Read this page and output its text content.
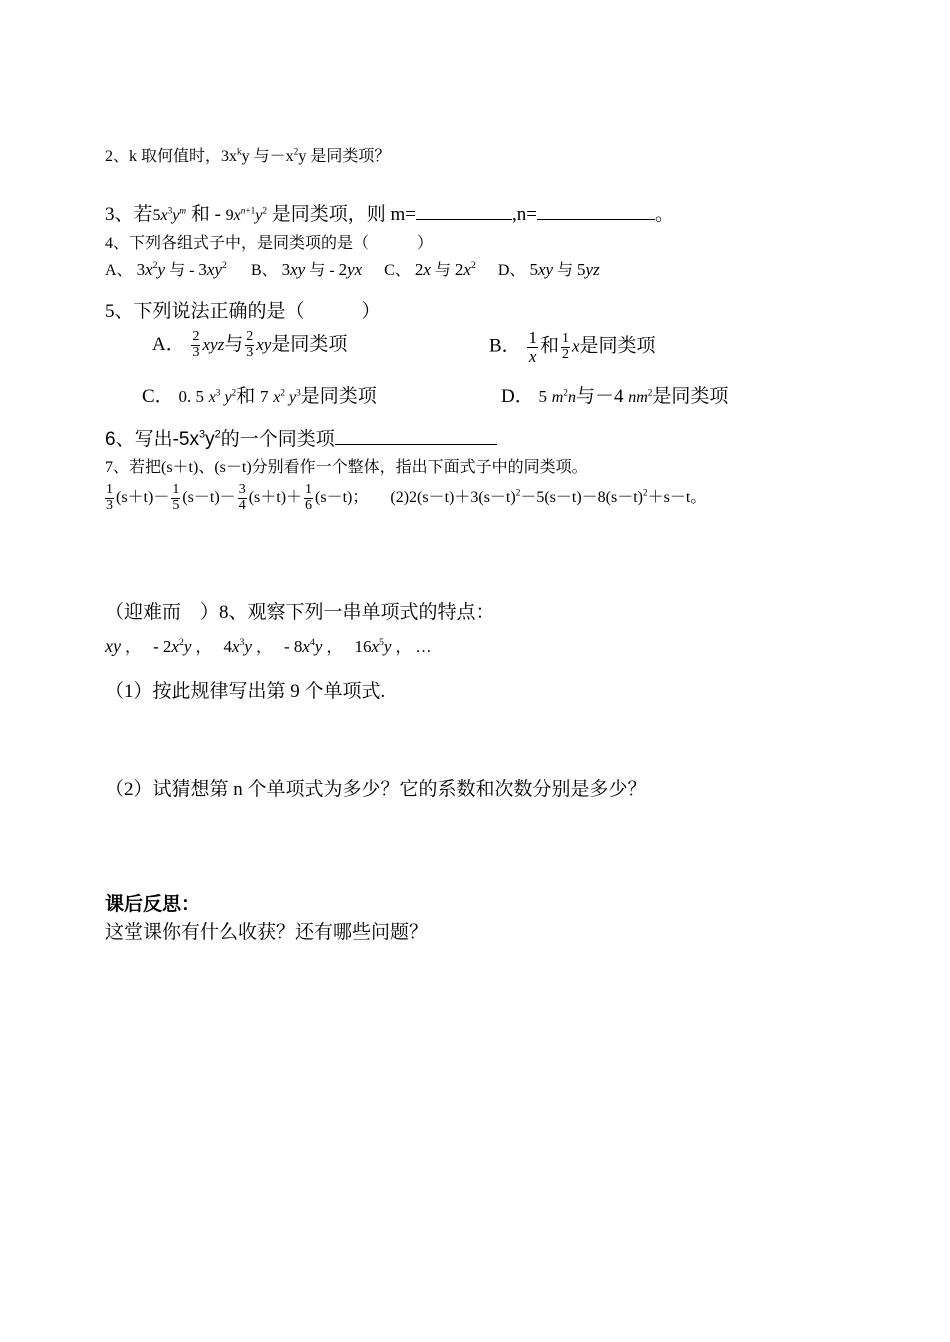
2、k 取何值时，$3x^ky$ 与$-x^2y$ 是同类项？
3、若$5x^3y^m$ 和 - $9x^{n+1}y^2$ 是同类项，则 m=	,n=	。
4、下列各组式子中，是同类项的是（　　　）
A、 $3x^2y$ 与 - $3xy^2$ B、 3xy 与 - 2yx C、 2x 与 $2x^2$ D、 5xy 与 5yz
5、下列说法正确的是（　　　）
A． $\frac{2}{3}$ xyz与 $\frac{2}{3}$ xy是同类项	B． $\frac{1}{x}$ 和 $\frac{1}{2}$ x是同类项
C． 0. 5 $x^3$ $y^2$和 7 $x^2$ $y^3$是同类项	D． 5 $m^2n$与－4 $nm^2$是同类项
6、写出$-5x^3y^2$的一个同类项
7、若把(s＋t)、(s－t)分别看作一个整体，指出下面式子中的同类项。
$\frac{1}{3} (s+t)- \frac{1}{5} (s-t)- \frac{3}{4} (s+t)+ \frac{1}{6} (s-t)$； $(2)2(s-t)+3(s-t)^2-5(s-t)-8(s-t)^2+s-t$。
（迎难而　）8、观察下列一串单项式的特点：
xy ， - $2x^2y$ ， $4x^3y$ ， - $8x^4y$ ， $16x^5y$ ， …
（1）按此规律写出第 9 个单项式.
（2）试猜想第 n 个单项式为多少？它的系数和次数分别是多少？
课后反思：
这堂课你有什么收获？还有哪些问题？
